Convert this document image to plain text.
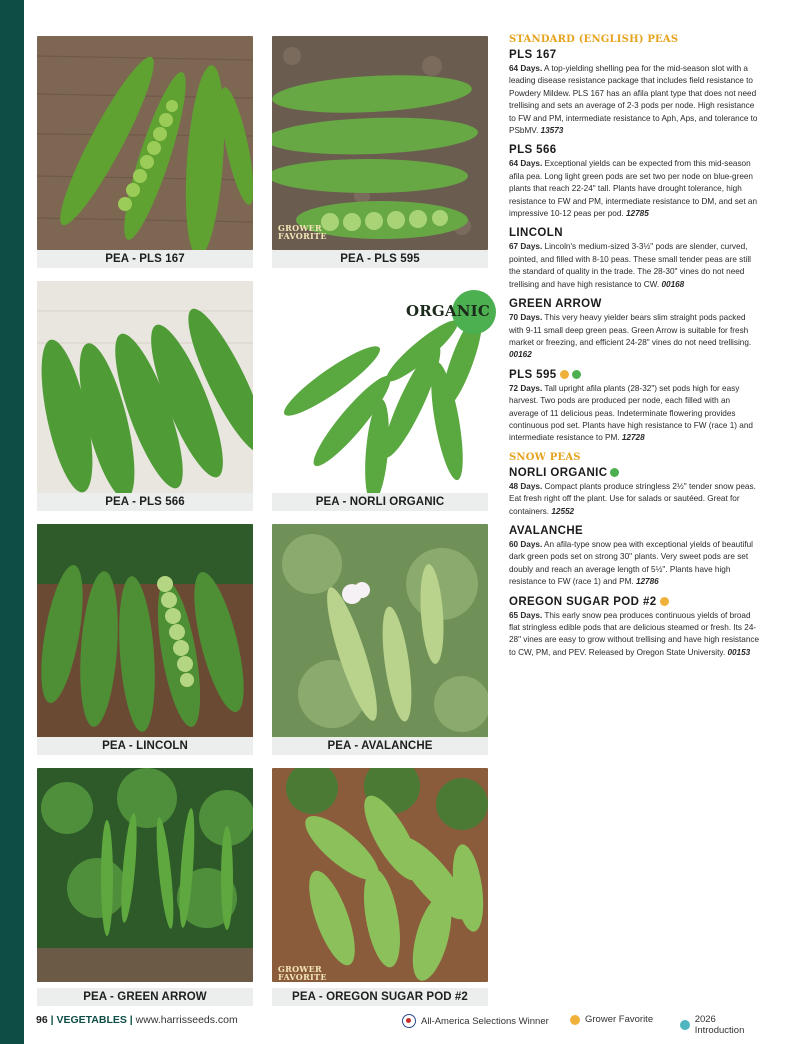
PEA - PLS 167
GROWER
FAVORITE
PEA - PLS 595
PEA - PLS 566
ORGANIC
PEA - NORLI ORGANIC
PEA - LINCOLN	PEA - AVALANCHE
PEA - GREEN ARROW
GROWER
FAVORITE
PEA - OREGON SUGAR POD #2
STANDARD (ENGLISH) PEAS
PLS 167
64 Days. A top-yielding shelling pea for the mid-season slot with a leading disease resistance package that includes field resistance to Powdery Mildew. PLS 167 has an afila plant type that does not need trellising and sets an average of 2-3 pods per node. High resistance to FW and PM, intermediate resistance to Aph, Aps, and tolerance to PSbMV. 13573
PLS 566
64 Days. Exceptional yields can be expected from this mid-season afila pea. Long light green pods are set two per node on blue-green plants that reach 22-24" tall. Plants have drought tolerance, high resistance to FW and PM, intermediate resistance to DM, and set an impressive 10-12 peas per pod. 12785
LINCOLN
67 Days. Lincoln's medium-sized 3-3½" pods are slender, curved, pointed, and filled with 8-10 peas. These small tender peas are still the standard of quality in the trade. The 28-30" vines do not need trellising and have high resistance to CW. 00168
GREEN ARROW
70 Days. This very heavy yielder bears slim straight pods packed with 9-11 small deep green peas. Green Arrow is suitable for fresh market or freezing, and efficient 24-28" vines do not need trellising. 00162
PLS 595
72 Days. Tall upright afila plants (28-32") set pods high for easy harvest. Two pods are produced per node, each filled with an average of 11 delicious peas. Indeterminate flowering provides continuous pod set. Plants have high resistance to FW (race 1) and intermediate resistance to PM. 12728
SNOW PEAS
NORLI ORGANIC
48 Days. Compact plants produce stringless 2½" tender snow peas. Eat fresh right off the plant. Use for salads or sautéed. Great for containers. 12552
AVALANCHE
60 Days. An afila-type snow pea with exceptional yields of beautiful dark green pods set on strong 30" plants. Very sweet pods are set doubly and reach an average length of 5½". Plants have high resistance to FW (race 1) and PM. 12786
OREGON SUGAR POD #2
65 Days. This early snow pea produces continuous yields of broad flat stringless edible pods that are delicious steamed or fresh. Its 24-28" vines are easy to grow without trellising and have high resistance to CW, PM, and PEV. Released by Oregon State University. 00153
96 | VEGETABLES | www.harrisseeds.com	All-America Selections Winner	Grower Favorite	2026 Introduction
